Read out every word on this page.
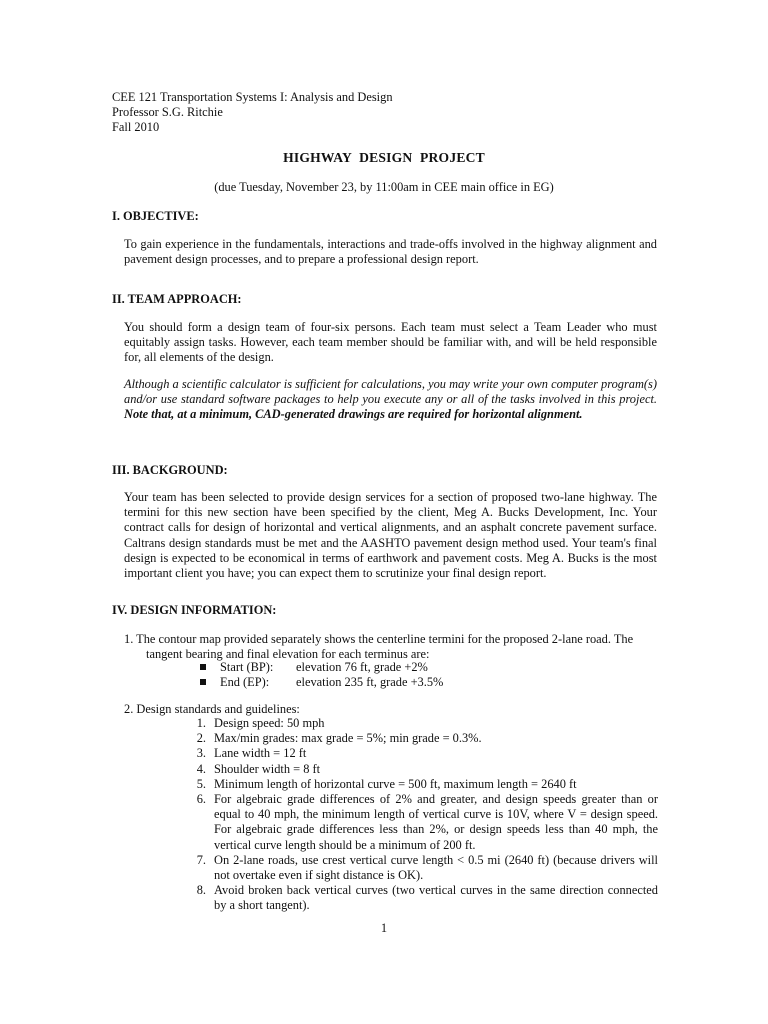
CEE 121 Transportation Systems I: Analysis and Design
Professor S.G. Ritchie
Fall 2010
HIGHWAY DESIGN PROJECT
(due Tuesday, November 23, by 11:00am in CEE main office in EG)
I. OBJECTIVE:
To gain experience in the fundamentals, interactions and trade-offs involved in the highway alignment and pavement design processes, and to prepare a professional design report.
II. TEAM APPROACH:
You should form a design team of four-six persons. Each team must select a Team Leader who must equitably assign tasks. However, each team member should be familiar with, and will be held responsible for, all elements of the design.
Although a scientific calculator is sufficient for calculations, you may write your own computer program(s) and/or use standard software packages to help you execute any or all of the tasks involved in this project. Note that, at a minimum, CAD-generated drawings are required for horizontal alignment.
III. BACKGROUND:
Your team has been selected to provide design services for a section of proposed two-lane highway. The termini for this new section have been specified by the client, Meg A. Bucks Development, Inc. Your contract calls for design of horizontal and vertical alignments, and an asphalt concrete pavement surface. Caltrans design standards must be met and the AASHTO pavement design method used. Your team's final design is expected to be economical in terms of earthwork and pavement costs. Meg A. Bucks is the most important client you have; you can expect them to scrutinize your final design report.
IV. DESIGN INFORMATION:
1. The contour map provided separately shows the centerline termini for the proposed 2-lane road. The
tangent bearing and final elevation for each terminus are:
Start (BP): elevation 76 ft, grade +2%
End (EP): elevation 235 ft, grade +3.5%
2. Design standards and guidelines:
1. Design speed: 50 mph
2. Max/min grades: max grade = 5%; min grade = 0.3%.
3. Lane width = 12 ft
4. Shoulder width = 8 ft
5. Minimum length of horizontal curve = 500 ft, maximum length = 2640 ft
6. For algebraic grade differences of 2% and greater, and design speeds greater than or equal to 40 mph, the minimum length of vertical curve is 10V, where V = design speed. For algebraic grade differences less than 2%, or design speeds less than 40 mph, the vertical curve length should be a minimum of 200 ft.
7. On 2-lane roads, use crest vertical curve length < 0.5 mi (2640 ft) (because drivers will not overtake even if sight distance is OK).
8. Avoid broken back vertical curves (two vertical curves in the same direction connected by a short tangent).
1
